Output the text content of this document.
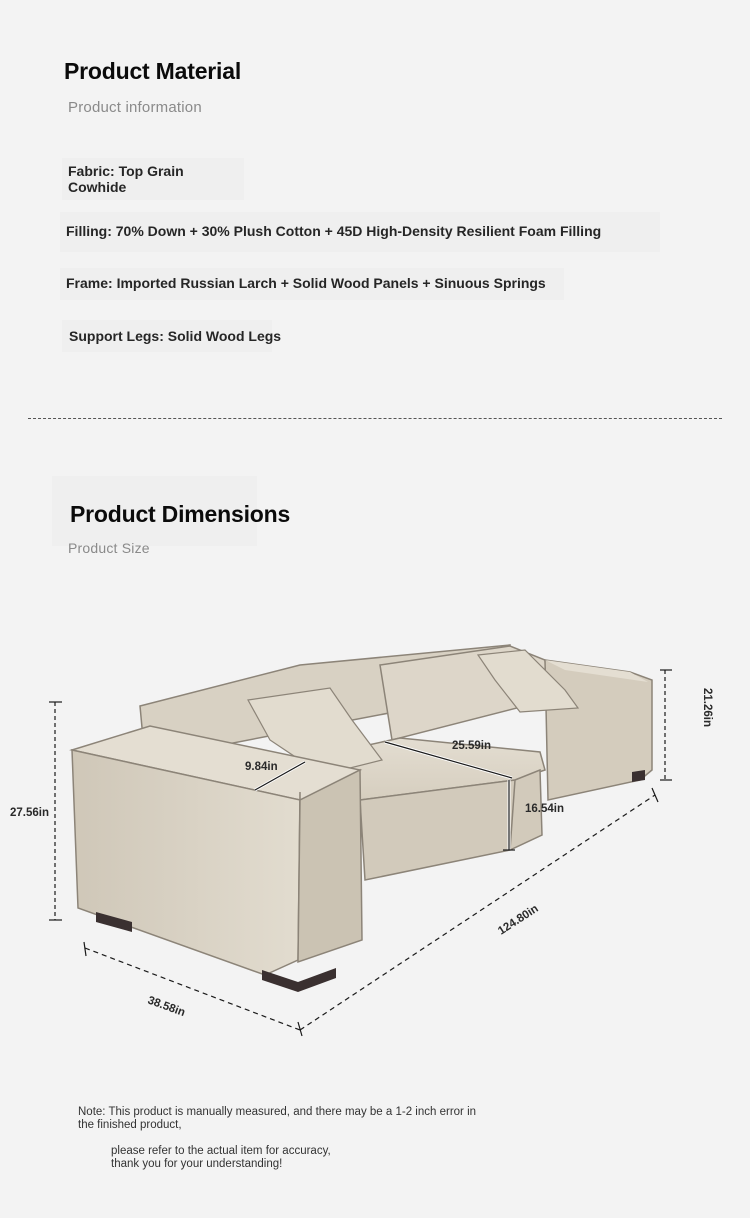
Product Material
Product information
Fabric: Top Grain
Cowhide
Filling: 70% Down + 30% Plush Cotton + 45D High-Density Resilient Foam Filling
Frame: Imported Russian Larch + Solid Wood Panels + Sinuous Springs
Support Legs: Solid Wood Legs
Product Dimensions
Product Size
27.56in
21.26in
9.84in
25.59in
16.54in
124.80in
38.58in
Note: This product is manually measured, and there may be a 1-2 inch error in
the finished product,
please refer to the actual item for accuracy,
thank you for your understanding!
